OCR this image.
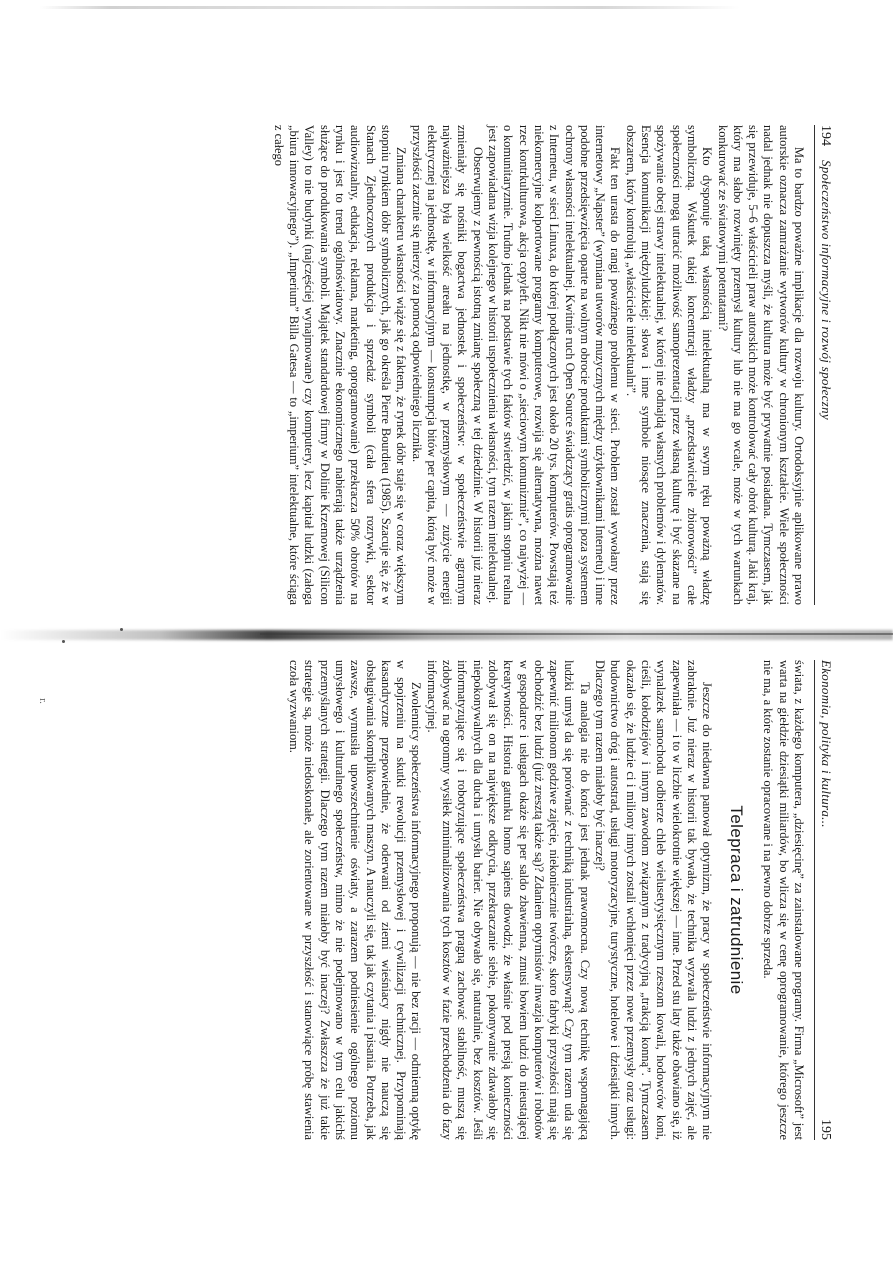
194
Społeczeństwo informacyjne i rozwój społeczny

Ma to bardzo poważne implikacje dla rozwoju kultury. Ortodoksyjnie aplikowane prawo autorskie oznacza zamrażanie wytworów kultury w chronionym kształcie. Wiele społeczności nadal jednak nie dopuszcza myśli, że kultura może być prywatnie posiadana. Tymczasem, jak się przewiduje, 5–6 właścicieli praw autorskich może kontrolować cały obrót kulturą. Jaki kraj, który ma słabo rozwinięty przemysł kultury lub nie ma go wcale, może w tych warunkach konkurować ze światowymi potentatami?

Kto dysponuje taką własnością intelektualną ma w swym ręku poważną władzę symboliczną. Wskutek takiej koncentracji władzy „przedstawiciele zbiorowości” całe społeczności mogą utracić możliwość samoprezentacji przez własną kulturę i być skazane na spożywanie obcej strawy intelektualnej, w której nie odnajdą własnych problemów i dylematów. Esencja komunikacji międzyludzkiej: słowa i inne symbole niosące znaczenia, stają się obszarem, który kontrolują „właściciele intelektualni”.

Fakt ten urasta do rangi poważnego problemu w sieci. Problem został wywołany przez internetowy „Napster” (wymiana utworów muzycznych między użytkownikami Internetu) i inne podobne przedsięwzięcia oparte na wolnym obrocie produktami symbolicznymi poza systemem ochrony własności intelektualnej. Kwitnie ruch Open Source świadczący gratis oprogramowanie z Internetu, w sieci Linuxa, do której podłączonych jest około 20 tys. komputerów. Powstają też niekomercyjne kolportowane programy komputerowe, rozwija się alternatywna, można nawet rzec kontrkulturowa, akcja copyleft. Nikt nie mówi o „sieciowym komunizmie”, co najwyżej — o komunitaryzmie. Trudno jednak na podstawie tych faktów stwierdzić, w jakim stopniu realna jest zapowiadana wizja kolejnego w historii uspołecznienia własności, tym razem intelektualnej.

Obserwujemy z pewnością istotną zmianę społeczną w tej dziedzinie. W historii już nieraz zmieniały się nośniki bogactwa jednostek i społeczeństw: w społeczeństwie agrarnym najważniejsza była wielkość areału na jednostkę, w przemysłowym — zużycie energii elektrycznej na jednostkę, w informacyjnym — konsumpcja bitów per capita, którą być może w przyszłości zacznie się mierzyć za pomocą odpowiedniego licznika.

Zmiana charakteru własności wiąże się z faktem, że rynek dóbr staje się w coraz większym stopniu rynkiem dóbr symbolicznych, jak go określa Pierre Bourdieu (1985). Szacuje się, że w Stanach Zjednoczonych produkcja i sprzedaż symboli (cała sfera rozrywki, sektor audiowizualny, edukacja, reklama, marketing, oprogramowanie) przekracza 50% obrotów na rynku i jest to trend ogólnoświatowy. Znacznie ekonomicznego nabierają także urządzenia służące do produkowania symboli. Majątek standardowej firmy w Dolinie Krzemowej (Silicon Valley) to nie budynki (najczęściej wynajmowane) czy komputery, lecz kapitał ludzki (załoga „biura innowacyjnego”). „Imperium” Billa Gatesa — to „imperium” intelektualne, które ściąga z całego

Ekonomia, polityka i kultura...
195

świata, z każdego komputera, „dziesięcinę” za zainstalowane programy. Firma „Microsoft” jest warta na giełdzie dziesiątki miliardów, bo wlicza się w cenę oprogramowanie, którego jeszcze nie ma, a które zostanie opracowane i na pewno dobrze sprzeda.

Telepraca i zatrudnienie

Jeszcze do niedawna panował optymizm, że pracy w społeczeństwie informacyjnym nie zabraknie. Już nieraz w historii tak bywało, że technika wyzwala ludzi z jednych zajęć, ale zapewniała — i to w liczbie wielokrotnie większej — inne. Przed stu laty także obawiano się, iż wynalazek samochodu odbierze chleb wielusetyysięcznym rzeszom kowali, hodowców koni, cieśli, kołodziejów i innym zawodom związanym z tradycyjną „trakcją konną”. Tymczasem okazało się, że ludzie ci i miliony innych zostali wchłonięci przez nowe przemysły oraz usługi: budownictwo dróg i autostrad, usługi motoryzacyjne, turystyczne, hotelowe i dziesiątki innych. Dlaczego tym razem miałoby być inaczej?

Ta analogia nie do końca jest jednak prawomocna. Czy nową technikę wspomagającą ludzki umysł da się porównać z techniką industrialną, ekstensywną? Czy tym razem uda się zapewnić milionom godziwe zajęcie, niekoniecznie twórcze, skoro fabryki przyszłości mają się obchodzić bez ludzi (już zresztą także są)? Zdaniem optymistów inwazja komputerów i robotów w gospodarce i usługach okaże się per saldo zbawienna, zmusi bowiem ludzi do nieustającej kreatywności. Historia gatunku homo sapiens dowodzi, że właśnie pod presją konieczności zdobywał się on na największe odkrycia, przekraczanie siebie, pokonywanie zdawałoby się niepokonywalnych dla ducha i umysłu barier. Nie obywało się, naturalnie, bez kosztów. Jeśli informatyzujące się i robotyzujące społeczeństwa pragną zachować stabilność, muszą się zdobywać na ogromny wysiłek zminimalizowania tych kosztów w fazie przechodzenia do fazy informacyjnej.

Zwolennicy społeczeństwa informacyjnego proponują — nie bez racji — odmienną optykę w spojrzeniu na skutki rewolucji przemysłowej i cywilizacji technicznej. Przypominają kasandryczne przepowiednie, że oderwani od ziemi wieśniacy nigdy nie nauczą się obsługiwania skomplikowanych maszyn. A nauczyli się, tak jak czytania i pisania. Potrzeba, jak zawsze, wymusiła upowszechnienie oświaty, a zarazem podniesienie ogólnego poziomu umysłowego i kulturalnego społeczeństw, mimo że nie podejmowano w tym celu jakichś przemyślanych strategii. Dlaczego tym razem miałoby być inaczej? Zwłaszcza że już takie strategie są, może niedoskonałe, ale zorientowane w przyszłość i stanowiące próbę stawienia czoła wyzwaniom.

r.
